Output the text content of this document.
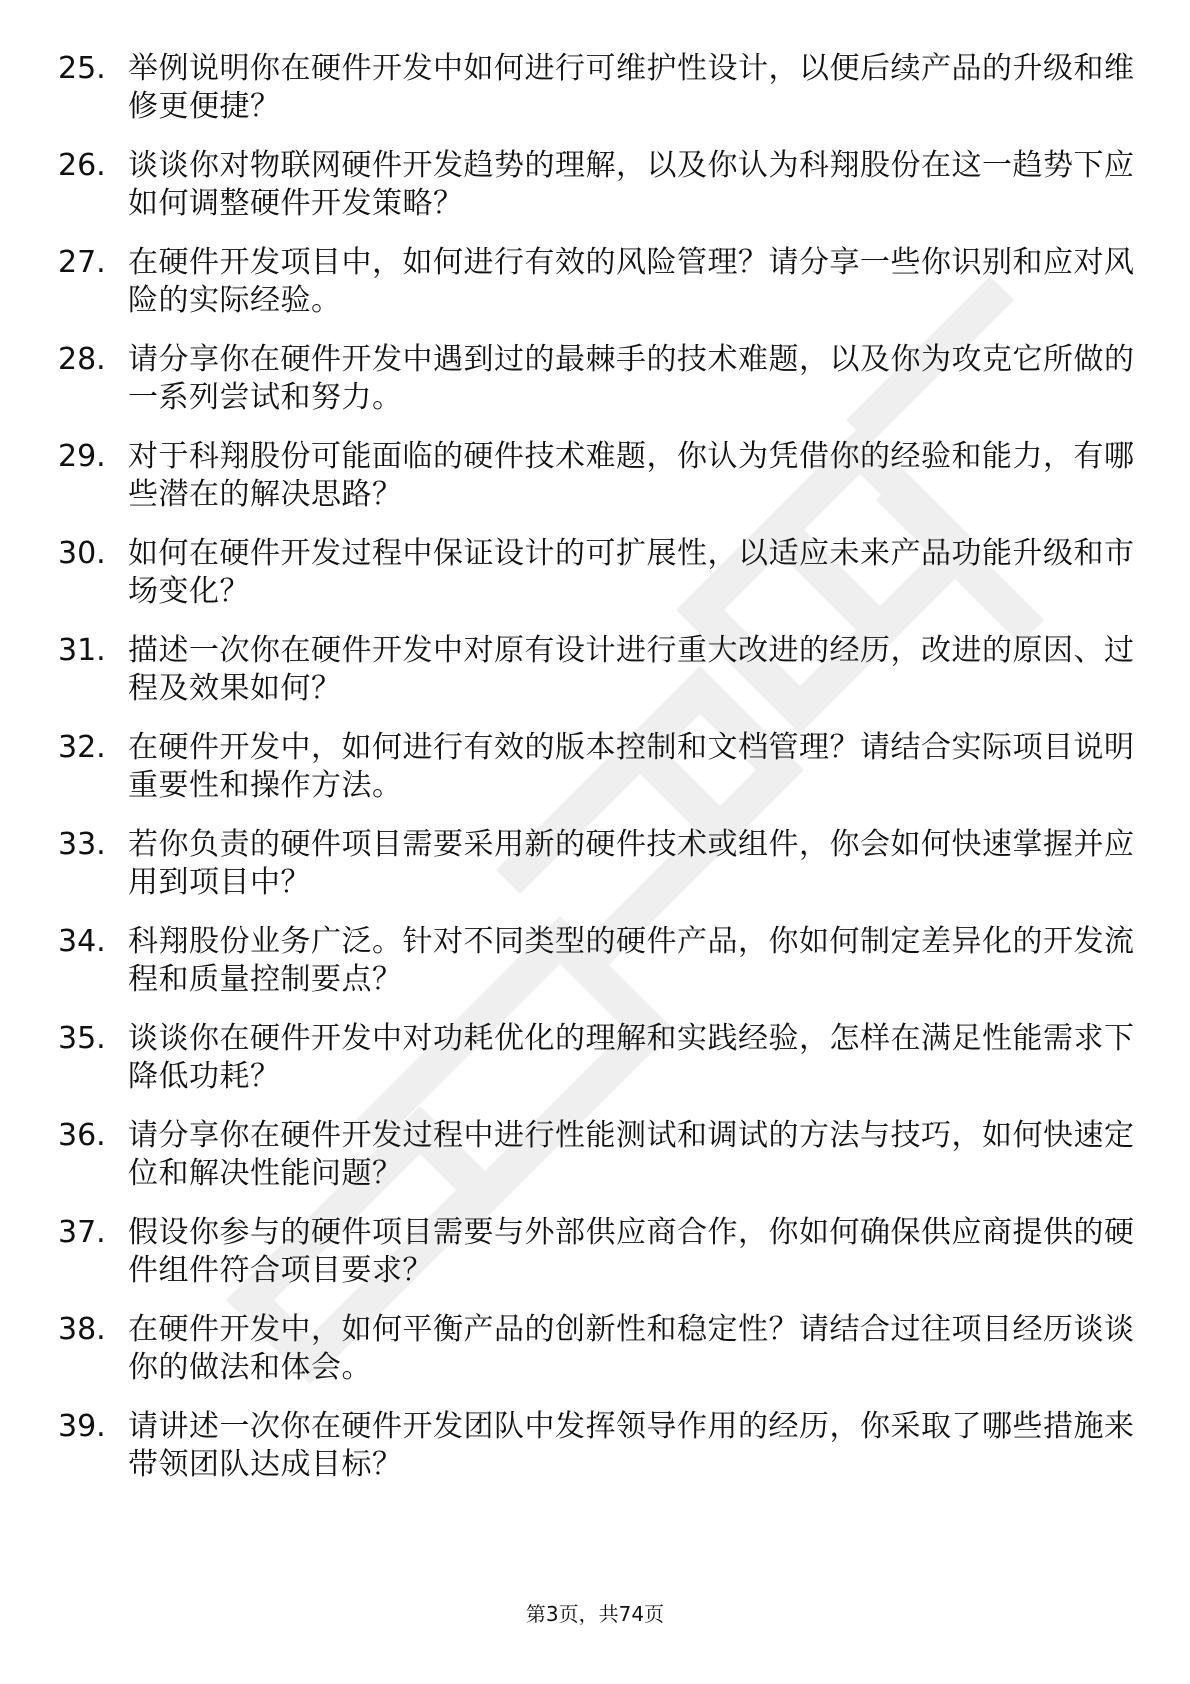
25. 举例说明你在硬件开发中如何进行可维护性设计，以便后续产品的升级和维修更便捷？
26. 谈谈你对物联网硬件开发趋势的理解，以及你认为科翔股份在这一趋势下应如何调整硬件开发策略？
27. 在硬件开发项目中，如何进行有效的风险管理？请分享一些你识别和应对风险的实际经验。
28. 请分享你在硬件开发中遇到过的最棘手的技术难题，以及你为攻克它所做的一系列尝试和努力。
29. 对于科翔股份可能面临的硬件技术难题，你认为凭借你的经验和能力，有哪些潜在的解决思路？
30. 如何在硬件开发过程中保证设计的可扩展性，以适应未来产品功能升级和市场变化？
31. 描述一次你在硬件开发中对原有设计进行重大改进的经历，改进的原因、过程及效果如何？
32. 在硬件开发中，如何进行有效的版本控制和文档管理？请结合实际项目说明重要性和操作方法。
33. 若你负责的硬件项目需要采用新的硬件技术或组件，你会如何快速掌握并应用到项目中？
34. 科翔股份业务广泛。针对不同类型的硬件产品，你如何制定差异化的开发流程和质量控制要点？
35. 谈谈你在硬件开发中对功耗优化的理解和实践经验，怎样在满足性能需求下降低功耗？
36. 请分享你在硬件开发过程中进行性能测试和调试的方法与技巧，如何快速定位和解决性能问题？
37. 假设你参与的硬件项目需要与外部供应商合作，你如何确保供应商提供的硬件组件符合项目要求？
38. 在硬件开发中，如何平衡产品的创新性和稳定性？请结合过往项目经历谈谈你的做法和体会。
39. 请讲述一次你在硬件开发团队中发挥领导作用的经历，你采取了哪些措施来带领团队达成目标？
第3页，共74页
